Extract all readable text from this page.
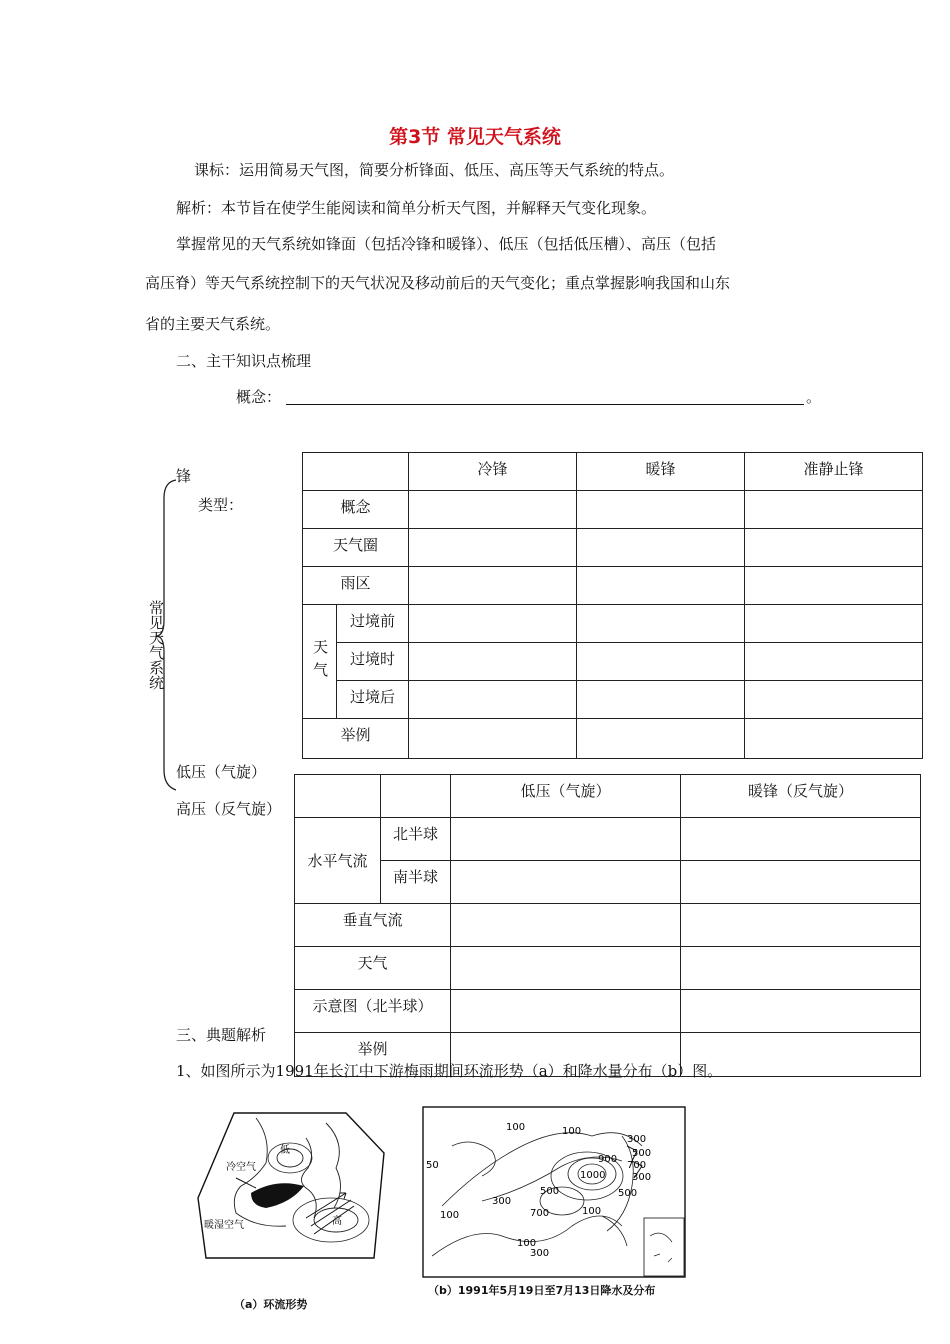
第3节 常见天气系统
课标：运用简易天气图，简要分析锋面、低压、高压等天气系统的特点。
解析：本节旨在使学生能阅读和简单分析天气图，并解释天气变化现象。
掌握常见的天气系统如锋面（包括冷锋和暖锋）、低压（包括低压槽）、高压（包括
高压脊）等天气系统控制下的天气状况及移动前后的天气变化；重点掌握影响我国和山东
省的主要天气系统。
二、主干知识点梳理
概念：	。
常见天气系统
锋
类型：
低压（气旋）
高压（反气旋）
		冷锋	暖锋	准静止锋
概念				
天气圈				
雨区				

天气	过境前			
	过境时			
	过境后			
举例				
		低压（气旋）	暖锋（反气旋）
水平气流	北半球		
	南半球		
垂直气流			
天气			
示意图（北半球）			
举例			
三、典题解析
1、如图所示为1991年长江中下游梅雨期间环流形势（a）和降水量分布（b）图。
低
高
冷空气
暖湿空气
（a）环流形势
100	100
50
300
500
700
1000
500
300
100	100
300
500
700
900
100
300
（b）1991年5月19日至7月13日降水及分布
